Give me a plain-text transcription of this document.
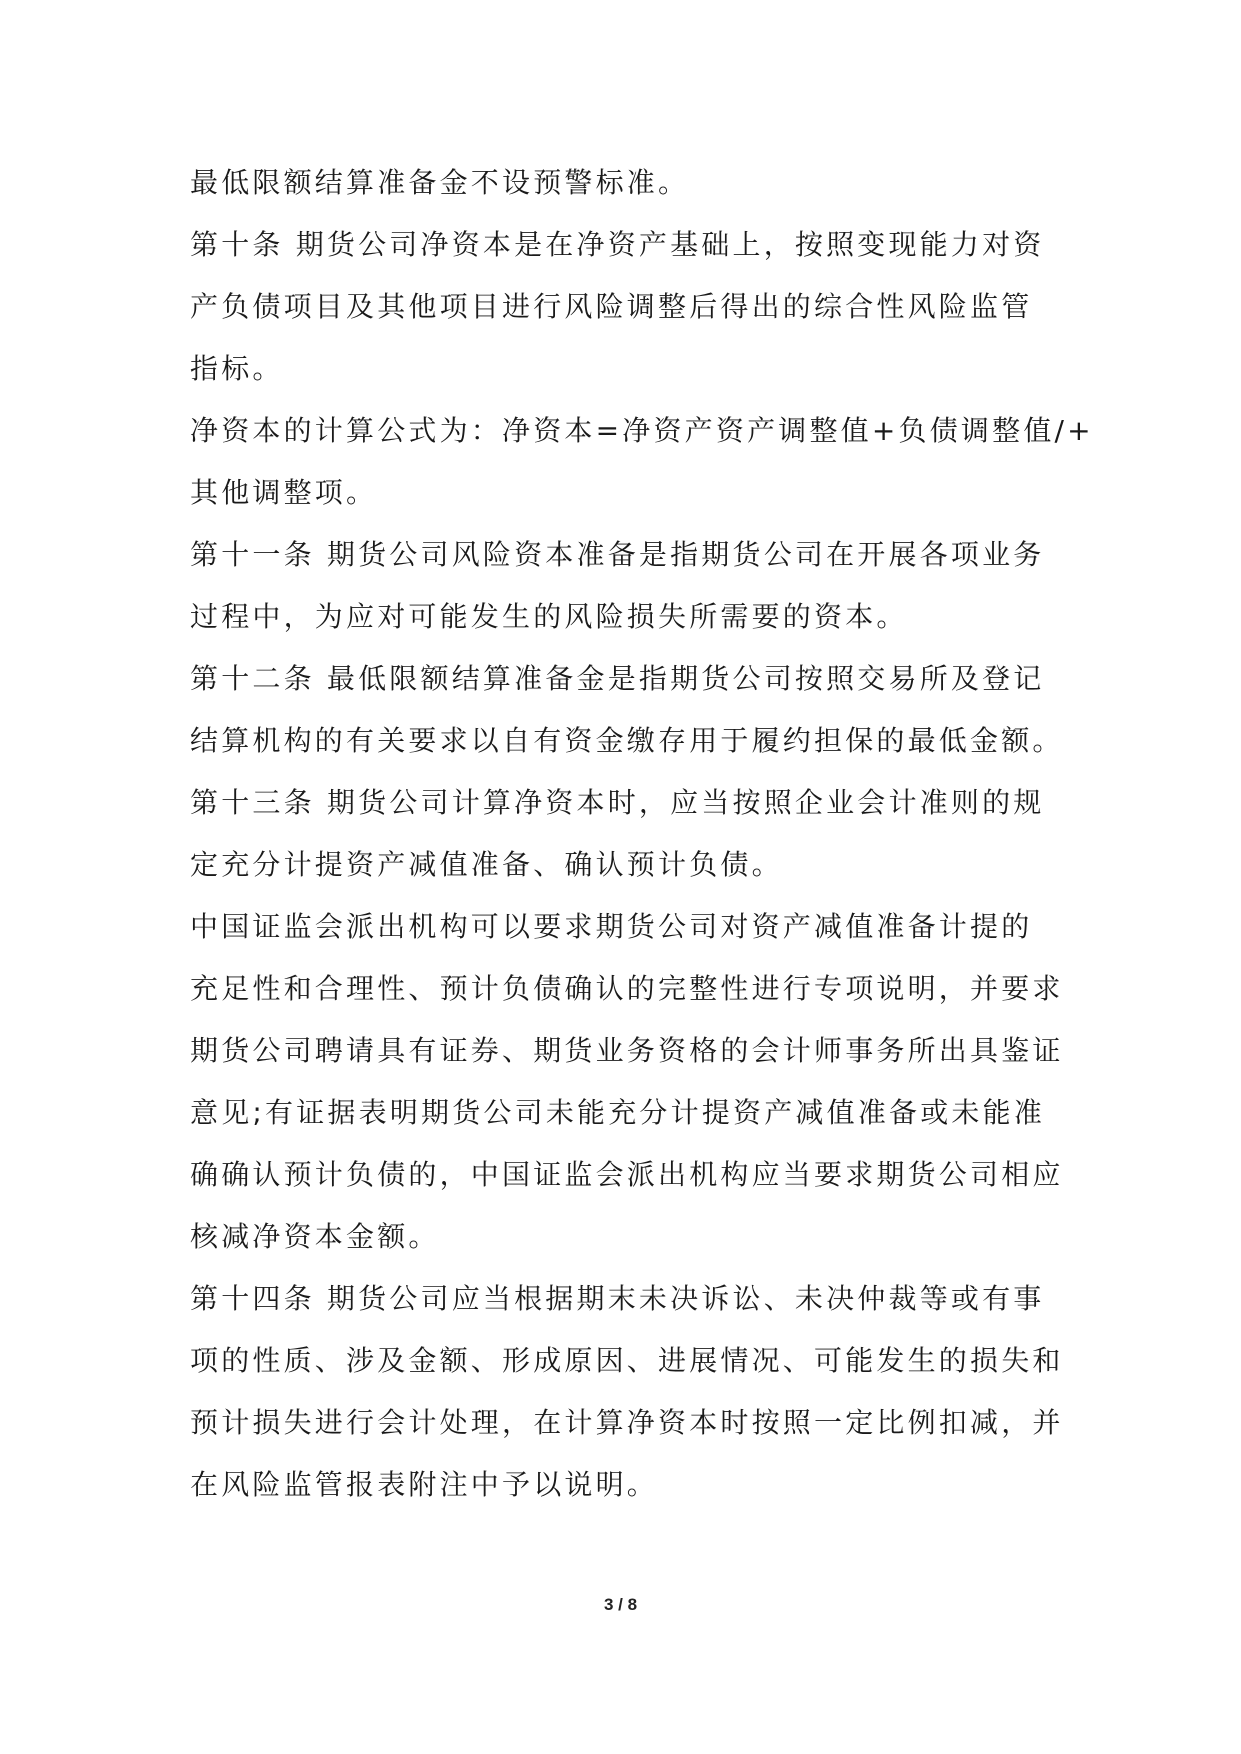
最低限额结算准备金不设预警标准。
第十条 期货公司净资本是在净资产基础上，按照变现能力对资
产负债项目及其他项目进行风险调整后得出的综合性风险监管
指标。
净资本的计算公式为：净资本=净资产资产调整值+负债调整值/+
其他调整项。
第十一条 期货公司风险资本准备是指期货公司在开展各项业务
过程中，为应对可能发生的风险损失所需要的资本。
第十二条 最低限额结算准备金是指期货公司按照交易所及登记
结算机构的有关要求以自有资金缴存用于履约担保的最低金额。
第十三条 期货公司计算净资本时，应当按照企业会计准则的规
定充分计提资产减值准备、确认预计负债。
中国证监会派出机构可以要求期货公司对资产减值准备计提的
充足性和合理性、预计负债确认的完整性进行专项说明，并要求
期货公司聘请具有证券、期货业务资格的会计师事务所出具鉴证
意见;有证据表明期货公司未能充分计提资产减值准备或未能准
确确认预计负债的，中国证监会派出机构应当要求期货公司相应
核减净资本金额。
第十四条 期货公司应当根据期末未决诉讼、未决仲裁等或有事
项的性质、涉及金额、形成原因、进展情况、可能发生的损失和
预计损失进行会计处理，在计算净资本时按照一定比例扣减，并
在风险监管报表附注中予以说明。
3 / 8
